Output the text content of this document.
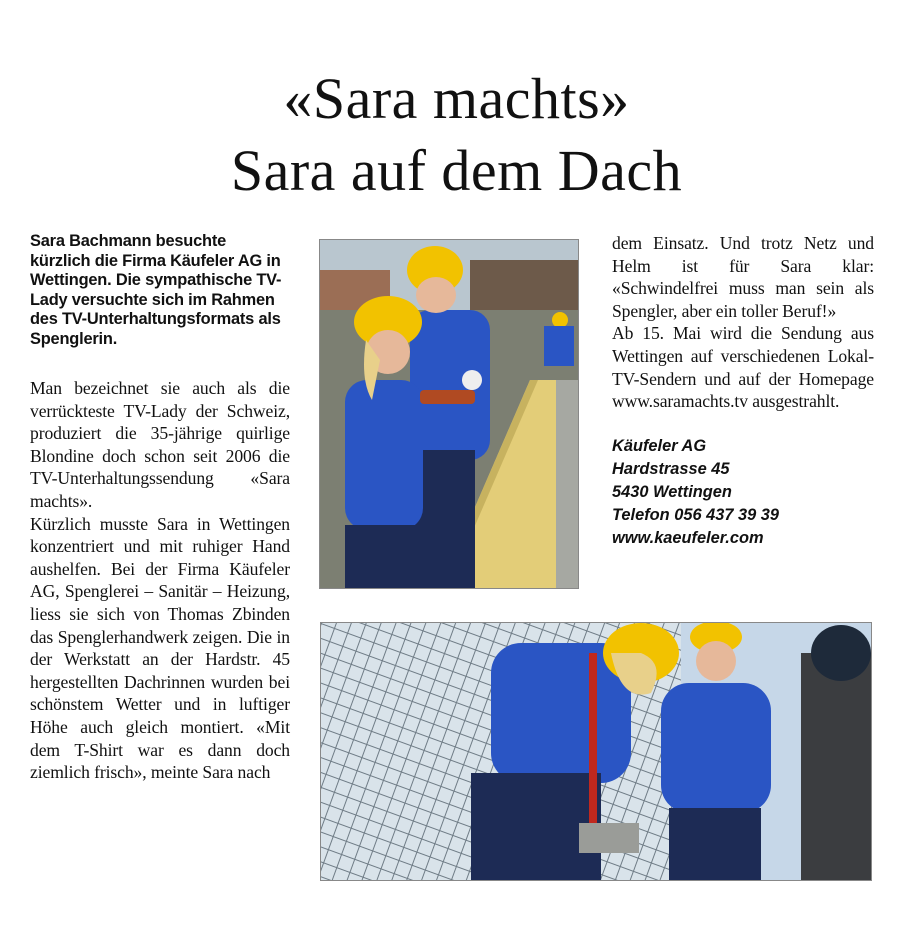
«Sara machts»
Sara auf dem Dach

Sara Bachmann besuchte kürzlich die Firma Käufeler AG in Wettingen. Die sympathische TV-Lady versuchte sich im Rahmen des TV-Unterhaltungsformats als Spenglerin.

Man bezeichnet sie auch als die verrückteste TV-Lady der Schweiz, produziert die 35-jährige quirlige Blondine doch schon seit 2006 die TV-Unterhaltungssendung «Sara machts».

Kürzlich musste Sara in Wettingen konzentriert und mit ruhiger Hand aushelfen. Bei der Firma Käufeler AG, Spenglerei – Sanitär – Heizung, liess sie sich von Thomas Zbinden das Spenglerhandwerk zeigen. Die in der Werkstatt an der Hardstr. 45 hergestellten Dachrinnen wurden bei schönstem Wetter und in luftiger Höhe auch gleich montiert. «Mit dem T-Shirt war es dann doch ziemlich frisch», meinte Sara nach

dem Einsatz. Und trotz Netz und Helm ist für Sara klar: «Schwindelfrei muss man sein als Spengler, aber ein toller Beruf!»

Ab 15. Mai wird die Sendung aus Wettingen auf verschiedenen Lokal-TV-Sendern und auf der Homepage www.saramachts.tv ausgestrahlt.

Käufeler AG
Hardstrasse 45
5430 Wettingen
Telefon 056 437 39 39
www.kaeufeler.com
